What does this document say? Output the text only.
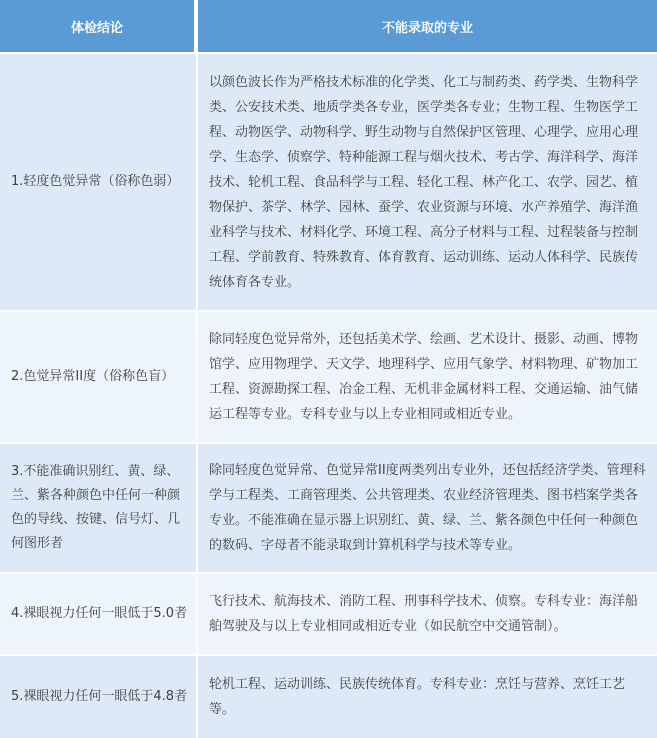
体检结论	不能录取的专业
1.轻度色觉异常（俗称色弱）
以颜色波长作为严格技术标准的化学类、化工与制药类、药学类、生物科学类、公安技术类、地质学类各专业，医学类各专业；生物工程、生物医学工程、动物医学、动物科学、野生动物与自然保护区管理、心理学、应用心理学、生态学、侦察学、特种能源工程与烟火技术、考古学、海洋科学、海洋技术、轮机工程、食品科学与工程、轻化工程、林产化工、农学、园艺、植物保护、茶学、林学、园林、蚕学、农业资源与环境、水产养殖学、海洋渔业科学与技术、材料化学、环境工程、高分子材料与工程、过程装备与控制工程、学前教育、特殊教育、体育教育、运动训练、运动人体科学、民族传统体育各专业。
2.色觉异常II度（俗称色盲）
除同轻度色觉异常外，还包括美术学、绘画、艺术设计、摄影、动画、博物馆学、应用物理学、天文学、地理科学、应用气象学、材料物理、矿物加工工程、资源勘探工程、冶金工程、无机非金属材料工程、交通运输、油气储运工程等专业。专科专业与以上专业相同或相近专业。
3.不能准确识别红、黄、绿、兰、紫各种颜色中任何一种颜色的导线、按键、信号灯、几何图形者
除同轻度色觉异常、色觉异常II度两类列出专业外，还包括经济学类、管理科学与工程类、工商管理类、公共管理类、农业经济管理类、图书档案学类各专业。不能准确在显示器上识别红、黄、绿、兰、紫各颜色中任何一种颜色的数码、字母者不能录取到计算机科学与技术等专业。
4.裸眼视力任何一眼低于5.0者
飞行技术、航海技术、消防工程、刑事科学技术、侦察。专科专业：海洋船舶驾驶及与以上专业相同或相近专业（如民航空中交通管制）。
5.裸眼视力任何一眼低于4.8者
轮机工程、运动训练、民族传统体育。专科专业：烹饪与营养、烹饪工艺等。
